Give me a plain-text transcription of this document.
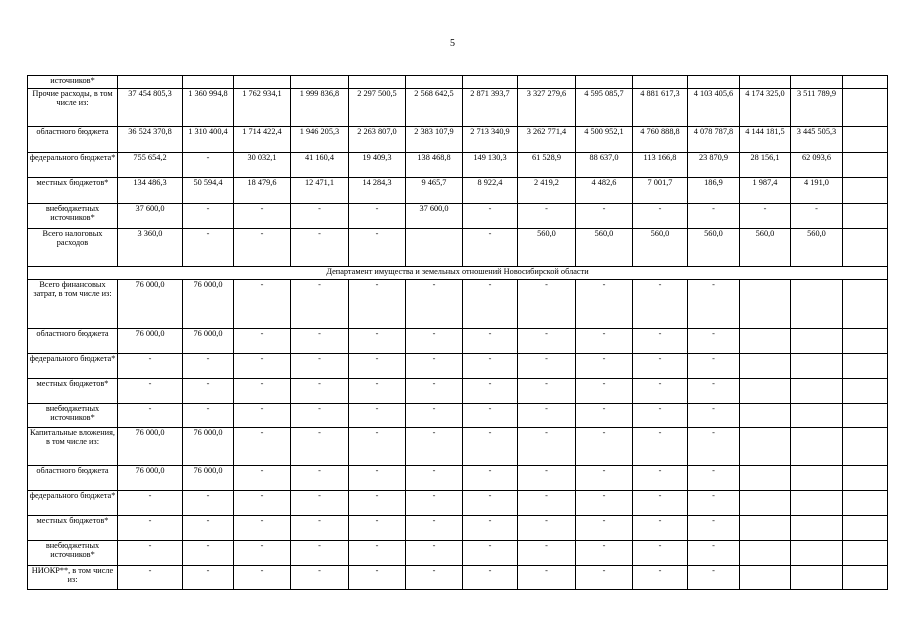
5
источников*														
Прочие расходы, в том числе из:	37 454 805,3	1 360 994,8	1 762 934,1	1 999 836,8	2 297 500,5	2 568 642,5	2 871 393,7	3 327 279,6	4 595 085,7	4 881 617,3	4 103 405,6	4 174 325,0	3 511 789,9	
областного бюджета	36 524 370,8	1 310 400,4	1 714 422,4	1 946 205,3	2 263 807,0	2 383 107,9	2 713 340,9	3 262 771,4	4 500 952,1	4 760 888,8	4 078 787,8	4 144 181,5	3 445 505,3	
федерального бюджета*	755 654,2	-	30 032,1	41 160,4	19 409,3	138 468,8	149 130,3	61 528,9	88 637,0	113 166,8	23 870,9	28 156,1	62 093,6	
местных бюджетов*	134 486,3	50 594,4	18 479,6	12 471,1	14 284,3	9 465,7	8 922,4	2 419,2	4 482,6	7 001,7	186,9	1 987,4	4 191,0	
внебюджетных источников*	37 600,0	-	-	-	-	37 600,0	-	-	-	-	-	-	-	
Всего налоговых расходов	3 360,0	-	-	-	-		-	560,0	560,0	560,0	560,0	560,0	560,0	
Департамент имущества и земельных отношений Новосибирской области														
Всего финансовых затрат, в том числе из:	76 000,0	76 000,0	-	-	-	-	-	-	-	-	-			
областного бюджета	76 000,0	76 000,0	-	-	-	-	-	-	-	-	-			
федерального бюджета*	-	-	-	-	-	-	-	-	-	-	-			
местных бюджетов*	-	-	-	-	-	-	-	-	-	-	-			
внебюджетных источников*	-	-	-	-	-	-	-	-	-	-	-			
Капитальные вложения, в том числе из:	76 000,0	76 000,0	-	-	-	-	-	-	-	-	-			
областного бюджета	76 000,0	76 000,0	-	-	-	-	-	-	-	-	-			
федерального бюджета*	-	-	-	-	-	-	-	-	-	-	-			
местных бюджетов*	-	-	-	-	-	-	-	-	-	-	-			
внебюджетных источников*	-	-	-	-	-	-	-	-	-	-	-			
НИОКР**, в том числе из:	-	-	-	-	-	-	-	-	-	-	-			
